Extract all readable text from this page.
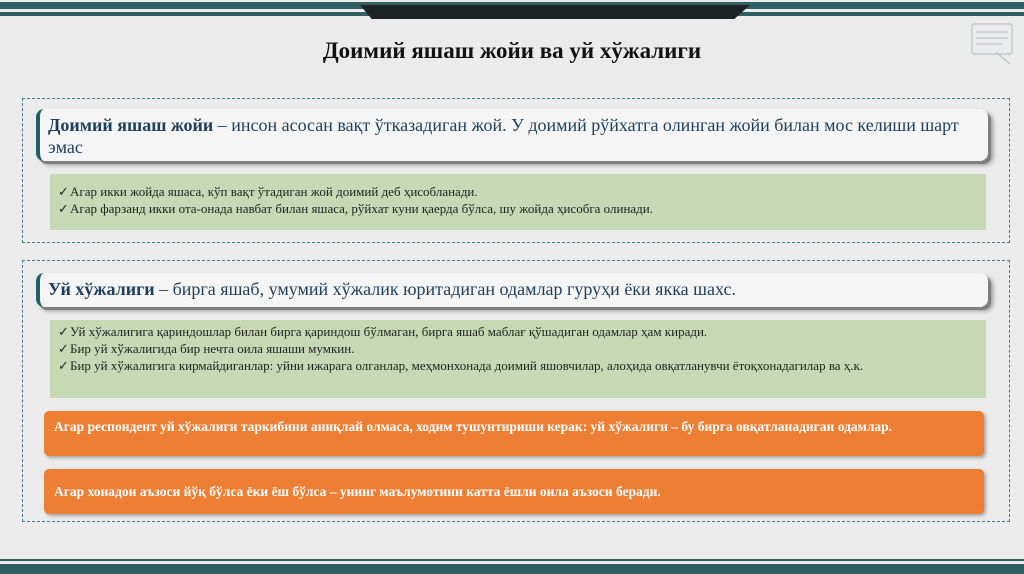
Доимий яшаш жойи ва уй хўжалиги
Доимий яшаш жойи – инсон асосан вақт ўтказадиган жой. У доимий рўйхатга олинган жойи билан мос келиши шарт эмас
✓Агар икки жойда яшаса, кўп вақт ўтадиган жой доимий деб ҳисобланади.
✓Агар фарзанд икки ота-онада навбат билан яшаса, рўйхат куни қаерда бўлса, шу жойда ҳисобга олинади.
Уй хўжалиги – бирга яшаб, умумий хўжалик юритадиган одамлар гуруҳи ёки якка шахс.
✓Уй хўжалигига қариндошлар билан бирга қариндош бўлмаган, бирга яшаб маблағ қўшадиган одамлар ҳам киради.
✓Бир уй хўжалигида бир нечта оила яшаши мумкин.
✓ Бир уй хўжалигига кирмайдиганлар: уйни ижарага олганлар, меҳмонхонада доимий яшовчилар, алоҳида овқатланувчи ётоқхонадагилар ва ҳ.к.
Агар респондент уй хўжалиги таркибини аниқлай олмаса, ходим тушунтириши керак: уй хўжалиги – бу бирга овқатланадиган одамлар.
Агар хонадон аъзоси йўқ бўлса ёки ёш бўлса – унинг маълумотини катта ёшли оила аъзоси беради.
